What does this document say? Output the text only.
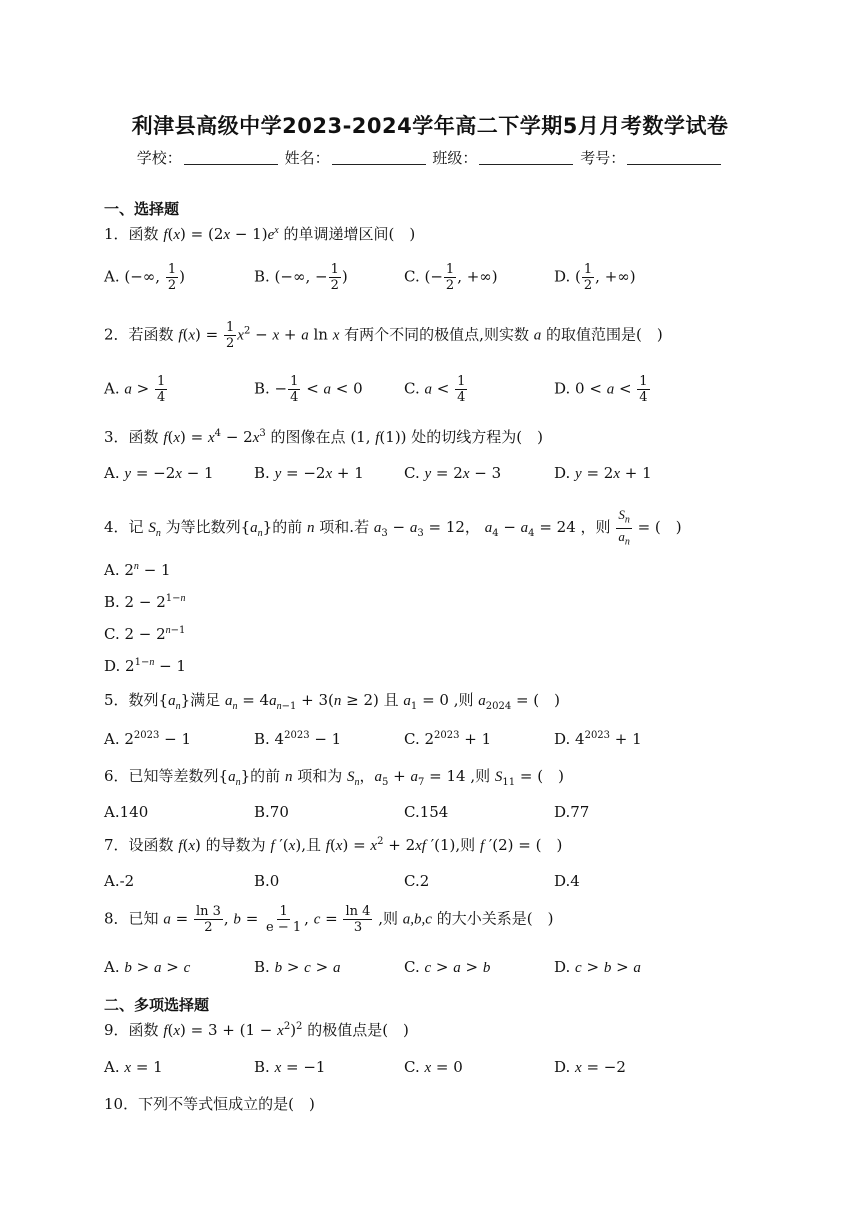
利津县高级中学2023-2024学年高二下学期5月月考数学试卷
学校：	姓名：	班级：	考号：
一、选择题
1．函数 $f(x) = (2x - 1)e^x$ 的单调递增区间(　)
A. (−∞, $\frac{1}{2}$ )	B. (−∞, − $\frac{1}{2}$ )	C. (− $\frac{1}{2}$ , +∞)	D. ( $\frac{1}{2}$ , +∞)
2．若函数 $f(x) = \frac{1}{2} x^2 - x + a$ ln x 有两个不同的极值点,则实数 a 的取值范围是(　)
A. $a > \frac{1}{4}$	B. − $\frac{1}{4} < a < 0$	C. $a < \frac{1}{4}$	D. $0 < a < \frac{1}{4}$
3．函数 $f(x) = x^4 - 2x^3$ 的图像在点 (1, f(1)) 处的切线方程为(　)
A. y = −2x − 1	B. y = −2x + 1	C. y = 2x − 3	D. y = 2x + 1
4．记 $S_n$ 为等比数列$\{a_n\}$的前 n 项和.若 $a_3 - a_3 = 12$， $a_4 - a_4 = 24$ ，则 $\frac{S_n}{a_n}$ = (　)
A. $2^n - 1$
B. $2 - 2^{1-n}$
C. $2 - 2^{n-1}$
D. $2^{1-n} - 1$
5．数列$\{a_n\}$满足 $a_n = 4a_{n-1} + 3(n \ge 2)$ 且 $a_1 = 0$ ,则 $a_{2024}$ = (　)
A. $2^{2023} - 1$	B. $4^{2023} - 1$	C. $2^{2023} + 1$	D. $4^{2023} + 1$
6．已知等差数列$\{a_n\}$的前 n 项和为 $S_n$，$a_5 + a_7 = 14$ ,则 $S_{11}$ = (　)
A.140	B.70	C.154	D.77
7．设函数 f(x) 的导数为 f ′(x),且 $f(x) = x^2 + 2xf$ ′(1),则 f ′(2) = (　)
A.-2	B.0	C.2	D.4
8．已知 $a = \frac{\ln 3}{2}$ , $b = \frac{1}{e - 1}$ , $c = \frac{\ln 4}{3}$ ,则 a,b,c 的大小关系是(　)
A. b > a > c	B. b > c > a	C. c > a > b	D. c > b > a
二、多项选择题
9．函数 $f(x) = 3 + (1 - x^2)^2$ 的极值点是(　)
A. x = 1	B. x = −1	C. x = 0	D. x = −2
10．下列不等式恒成立的是(　)
